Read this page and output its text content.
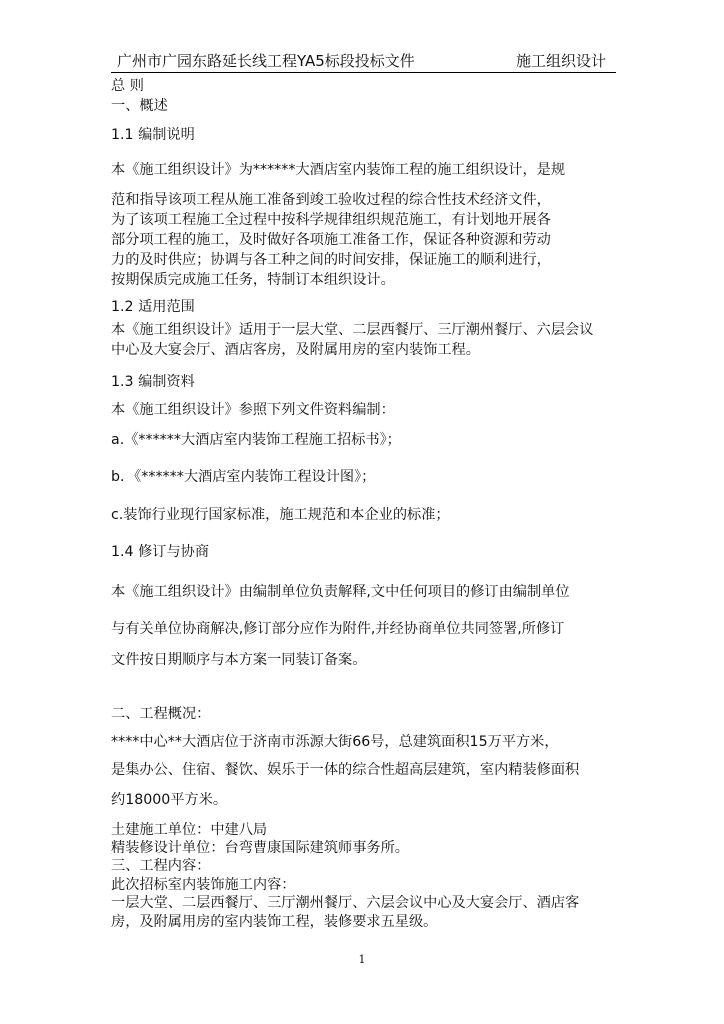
广州市广园东路延长线工程YA5标段投标文件	施工组织设计
总 则
一、概述
1.1 编制说明
本《施工组织设计》为******大酒店室内装饰工程的施工组织设计，是规
范和指导该项工程从施工准备到竣工验收过程的综合性技术经济文件，
为了该项工程施工全过程中按科学规律组织规范施工，有计划地开展各
部分项工程的施工，及时做好各项施工准备工作，保证各种资源和劳动
力的及时供应；协调与各工种之间的时间安排，保证施工的顺利进行，
按期保质完成施工任务，特制订本组织设计。
1.2 适用范围
本《施工组织设计》适用于一层大堂、二层西餐厅、三厅潮州餐厅、六层会议
中心及大宴会厅、酒店客房，及附属用房的室内装饰工程。
1.3 编制资料
本《施工组织设计》参照下列文件资料编制：
a.《******大酒店室内装饰工程施工招标书》；
b．《******大酒店室内装饰工程设计图》；
c.装饰行业现行国家标准，施工规范和本企业的标准；
1.4 修订与协商
本《施工组织设计》由编制单位负责解释,文中任何项目的修订由编制单位
与有关单位协商解决,修订部分应作为附件,并经协商单位共同签署,所修订
文件按日期顺序与本方案一同装订备案。
二、工程概况：
****中心**大酒店位于济南市泺源大街66号，总建筑面积15万平方米，
是集办公、住宿、餐饮、娱乐于一体的综合性超高层建筑，室内精装修面积
约18000平方米。
土建施工单位：中建八局
精装修设计单位：台弯曹康国际建筑师事务所。
三、工程内容：
此次招标室内装饰施工内容：
一层大堂、二层西餐厅、三厅潮州餐厅、六层会议中心及大宴会厅、酒店客
房，及附属用房的室内装饰工程，装修要求五星级。
1
